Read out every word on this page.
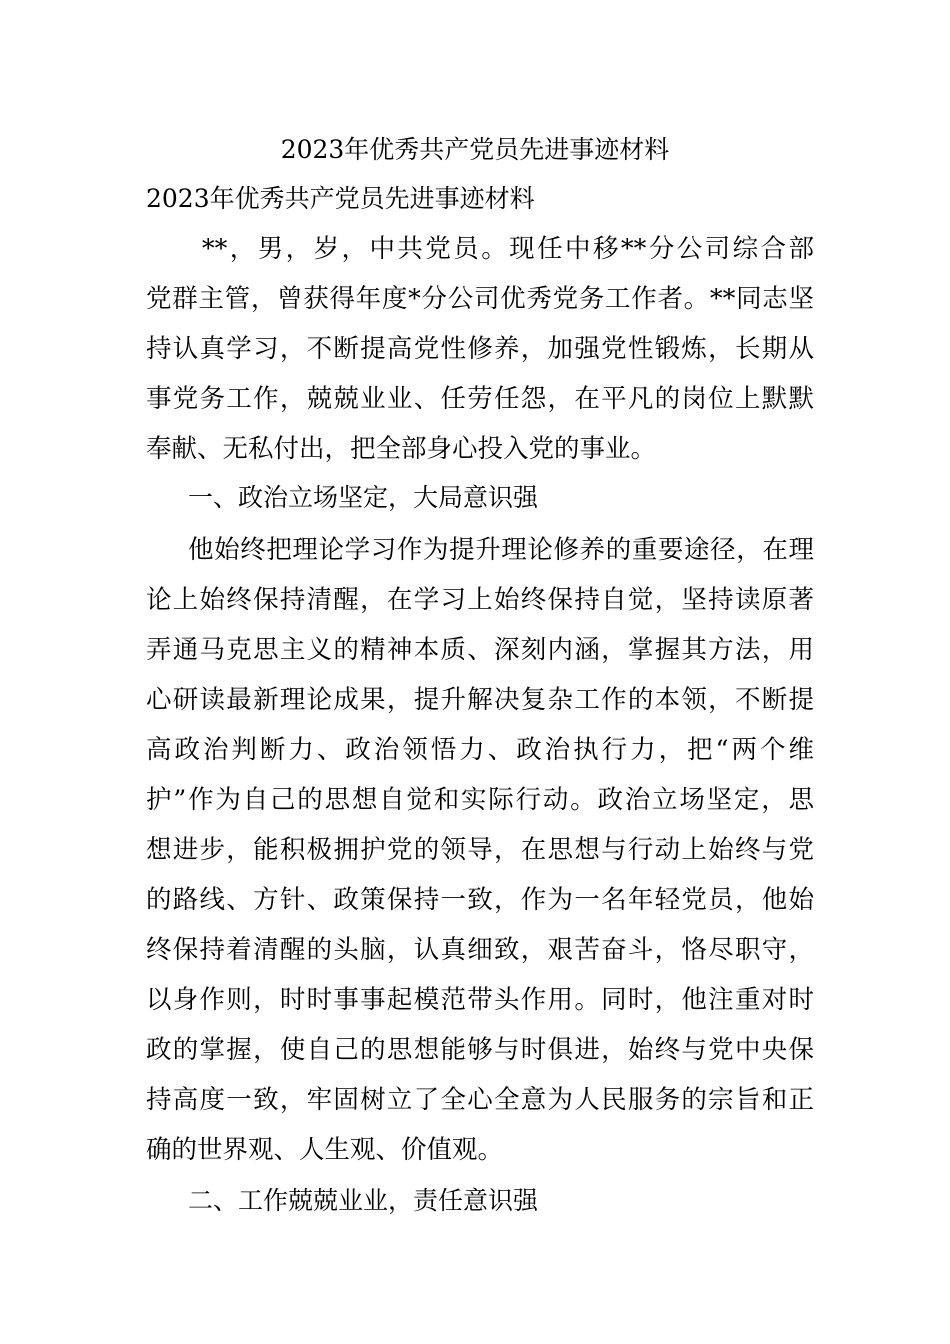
2023年优秀共产党员先进事迹材料
2023年优秀共产党员先进事迹材料
　　**，男，岁，中共党员。现任中移**分公司综合部
党群主管，曾获得年度*分公司优秀党务工作者。**同志坚
持认真学习，不断提高党性修养，加强党性锻炼，长期从
事党务工作，兢兢业业、任劳任怨，在平凡的岗位上默默
奉献、无私付出，把全部身心投入党的事业。
一、政治立场坚定，大局意识强
他始终把理论学习作为提升理论修养的重要途径，在理
论上始终保持清醒，在学习上始终保持自觉，坚持读原著
弄通马克思主义的精神本质、深刻内涵，掌握其方法，用
心研读最新理论成果，提升解决复杂工作的本领，不断提
高政治判断力、政治领悟力、政治执行力，把“两个维
护”作为自己的思想自觉和实际行动。政治立场坚定，思
想进步，能积极拥护党的领导，在思想与行动上始终与党
的路线、方针、政策保持一致，作为一名年轻党员，他始
终保持着清醒的头脑，认真细致，艰苦奋斗，恪尽职守，
以身作则，时时事事起模范带头作用。同时，他注重对时
政的掌握，使自己的思想能够与时俱进，始终与党中央保
持高度一致，牢固树立了全心全意为人民服务的宗旨和正
确的世界观、人生观、价值观。
二、工作兢兢业业，责任意识强
